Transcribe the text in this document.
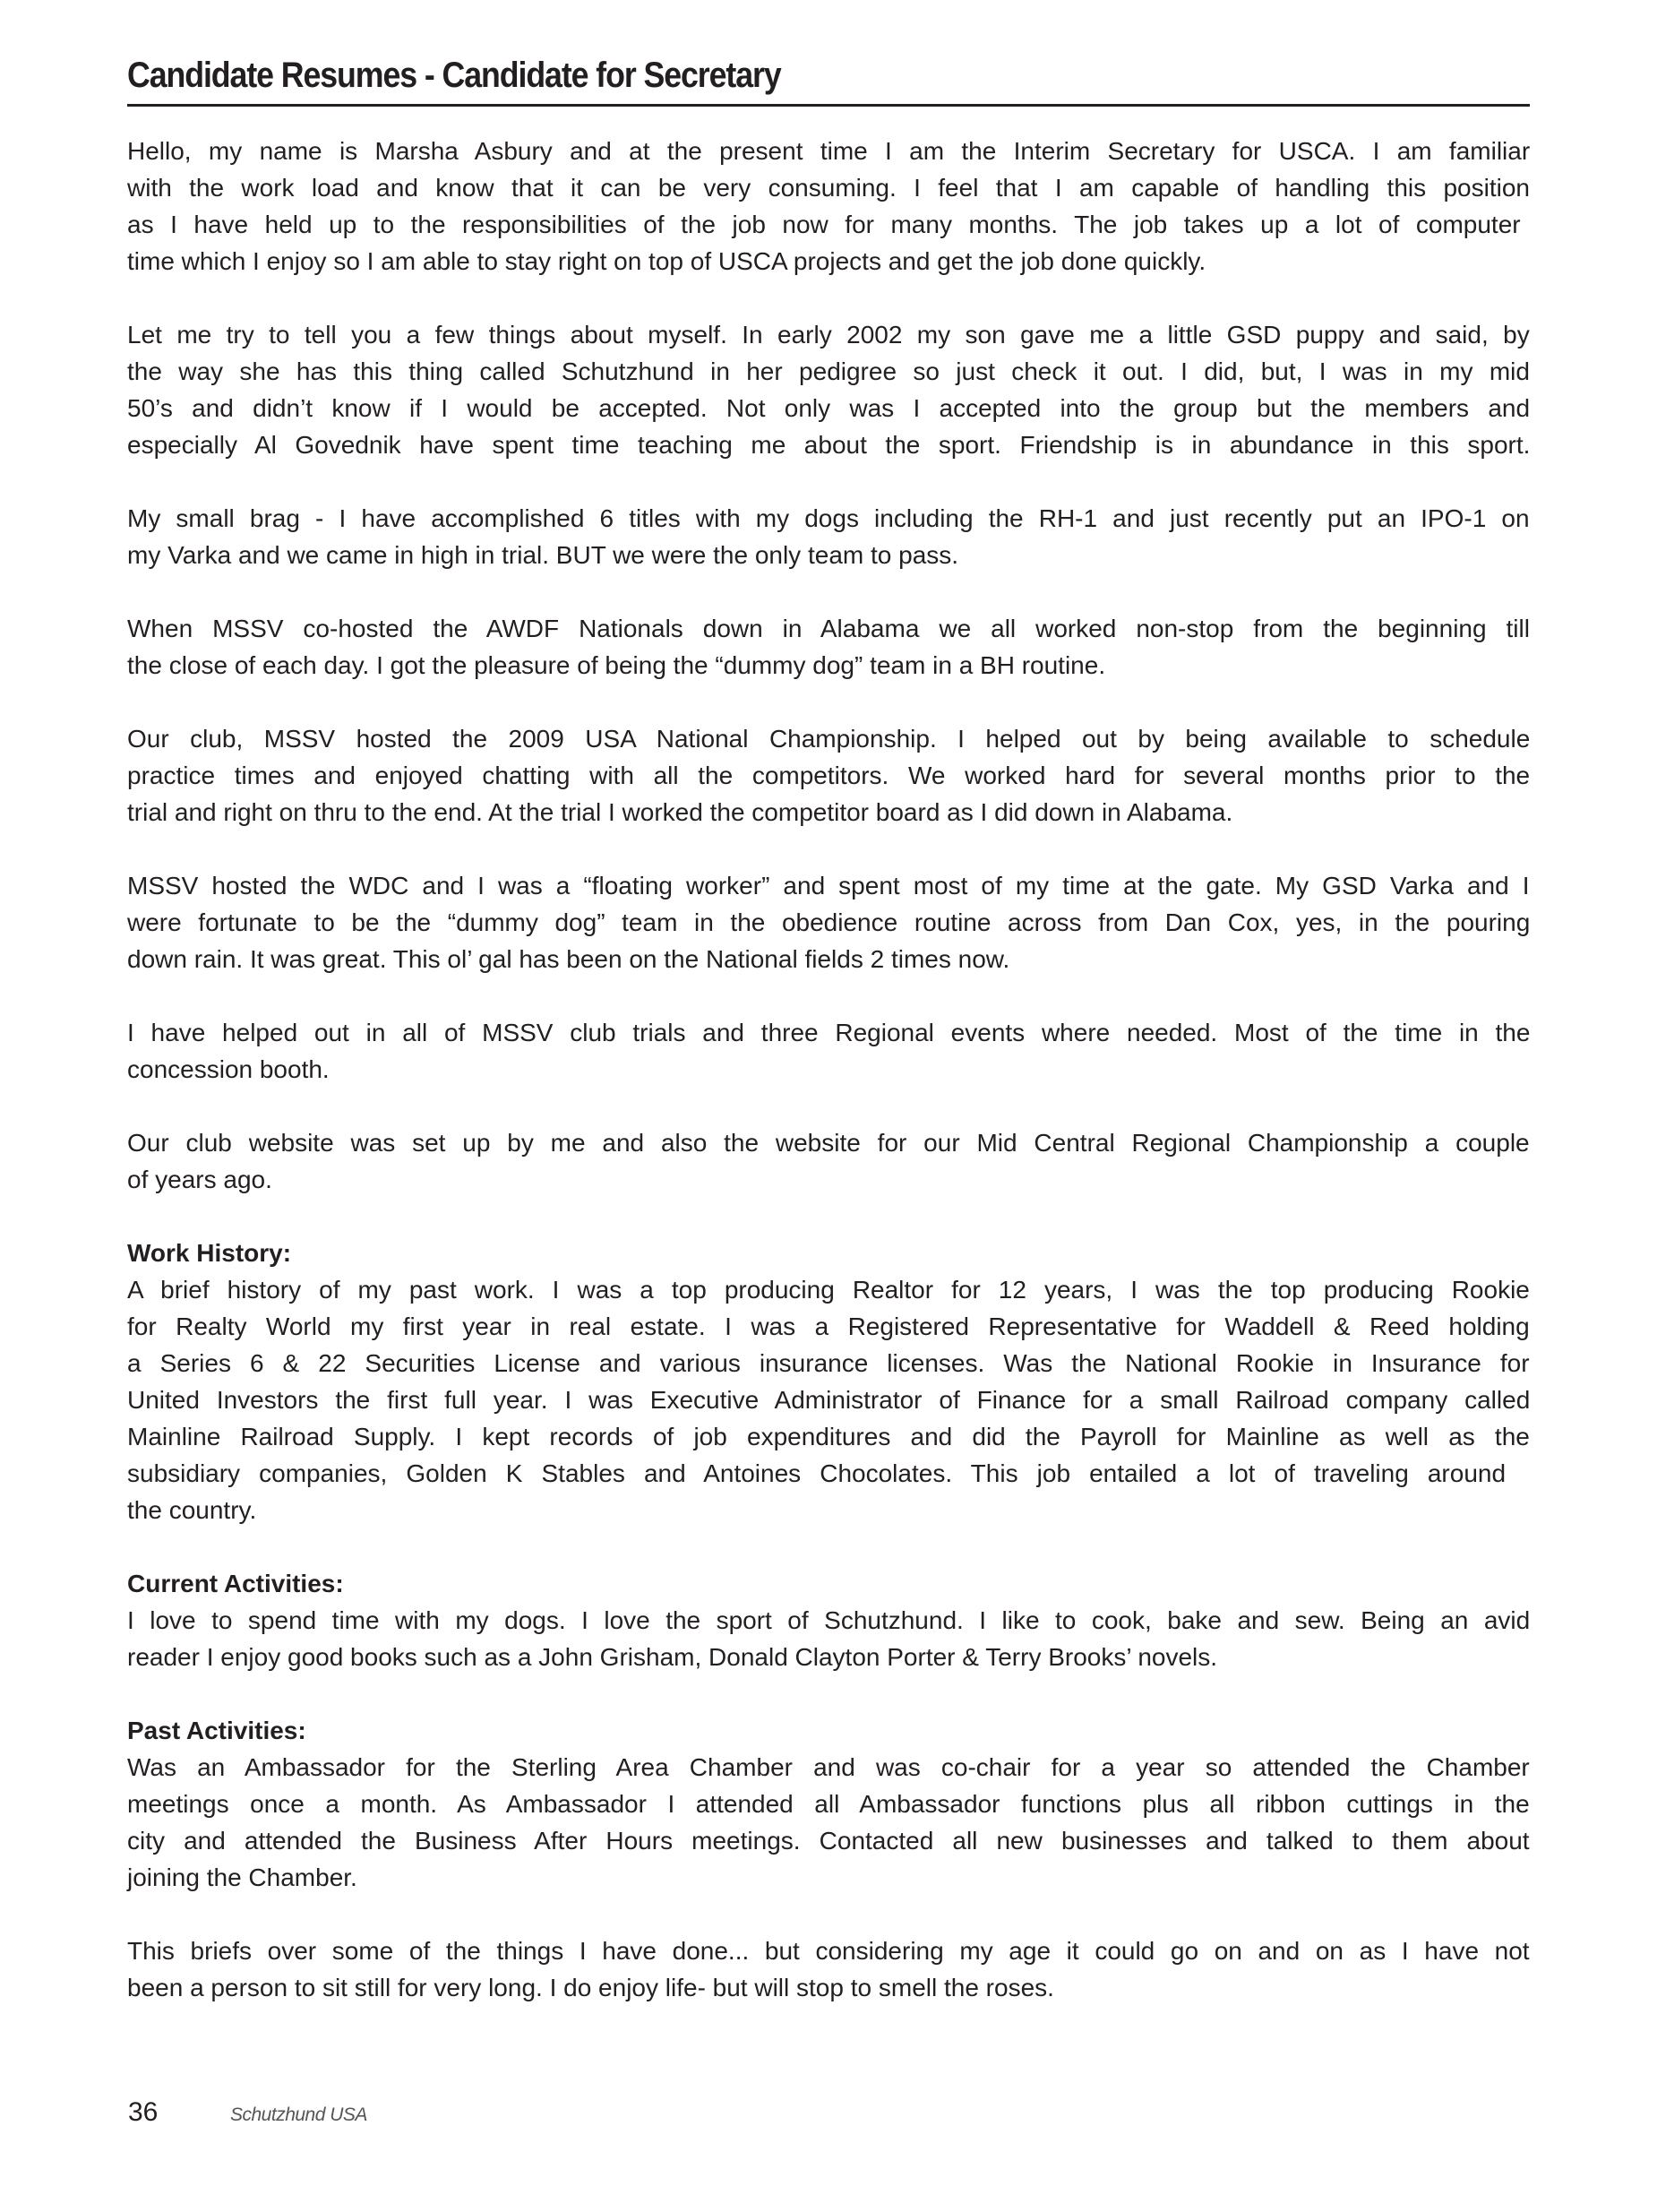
Candidate Resumes - Candidate for Secretary
Hello, my name is Marsha Asbury and at the present time I am the Interim Secretary for USCA. I am familiar
with the work load and know that it can be very consuming. I feel that I am capable of handling this position
as I have held up to the responsibilities of the job now for many months. The job takes up a lot of computer
time which I enjoy so I am able to stay right on top of USCA projects and get the job done quickly.
Let me try to tell you a few things about myself. In early 2002 my son gave me a little GSD puppy and said, by
the way she has this thing called Schutzhund in her pedigree so just check it out. I did, but, I was in my mid
50’s and didn’t know if I would be accepted. Not only was I accepted into the group but the members and
especially Al Govednik have spent time teaching me about the sport. Friendship is in abundance in this sport.
My small brag - I have accomplished 6 titles with my dogs including the RH-1 and just recently put an IPO-1 on
my Varka and we came in high in trial. BUT we were the only team to pass.
When MSSV co-hosted the AWDF Nationals down in Alabama we all worked non-stop from the beginning till
the close of each day. I got the pleasure of being the “dummy dog” team in a BH routine.
Our club, MSSV hosted the 2009 USA National Championship. I helped out by being available to schedule
practice times and enjoyed chatting with all the competitors. We worked hard for several months prior to the
trial and right on thru to the end. At the trial I worked the competitor board as I did down in Alabama.
MSSV hosted the WDC and I was a “floating worker” and spent most of my time at the gate. My GSD Varka and I
were fortunate to be the “dummy dog” team in the obedience routine across from Dan Cox, yes, in the pouring
down rain. It was great. This ol’ gal has been on the National fields 2 times now.
I have helped out in all of MSSV club trials and three Regional events where needed. Most of the time in the
concession booth.
Our club website was set up by me and also the website for our Mid Central Regional Championship a couple
of years ago.
Work History:
A brief history of my past work. I was a top producing Realtor for 12 years, I was the top producing Rookie
for Realty World my first year in real estate. I was a Registered Representative for Waddell & Reed holding
a Series 6 & 22 Securities License and various insurance licenses. Was the National Rookie in Insurance for
United Investors the first full year. I was Executive Administrator of Finance for a small Railroad company called
Mainline Railroad Supply. I kept records of job expenditures and did the Payroll for Mainline as well as the
subsidiary companies, Golden K Stables and Antoines Chocolates. This job entailed a lot of traveling around
the country.
Current Activities:
I love to spend time with my dogs. I love the sport of Schutzhund. I like to cook, bake and sew. Being an avid
reader I enjoy good books such as a John Grisham, Donald Clayton Porter & Terry Brooks’ novels.
Past Activities:
Was an Ambassador for the Sterling Area Chamber and was co-chair for a year so attended the Chamber
meetings once a month. As Ambassador I attended all Ambassador functions plus all ribbon cuttings in the
city and attended the Business After Hours meetings. Contacted all new businesses and talked to them about
joining the Chamber.
This briefs over some of the things I have done... but considering my age it could go on and on as I have not
been a person to sit still for very long. I do enjoy life- but will stop to smell the roses.
36	Schutzhund USA
